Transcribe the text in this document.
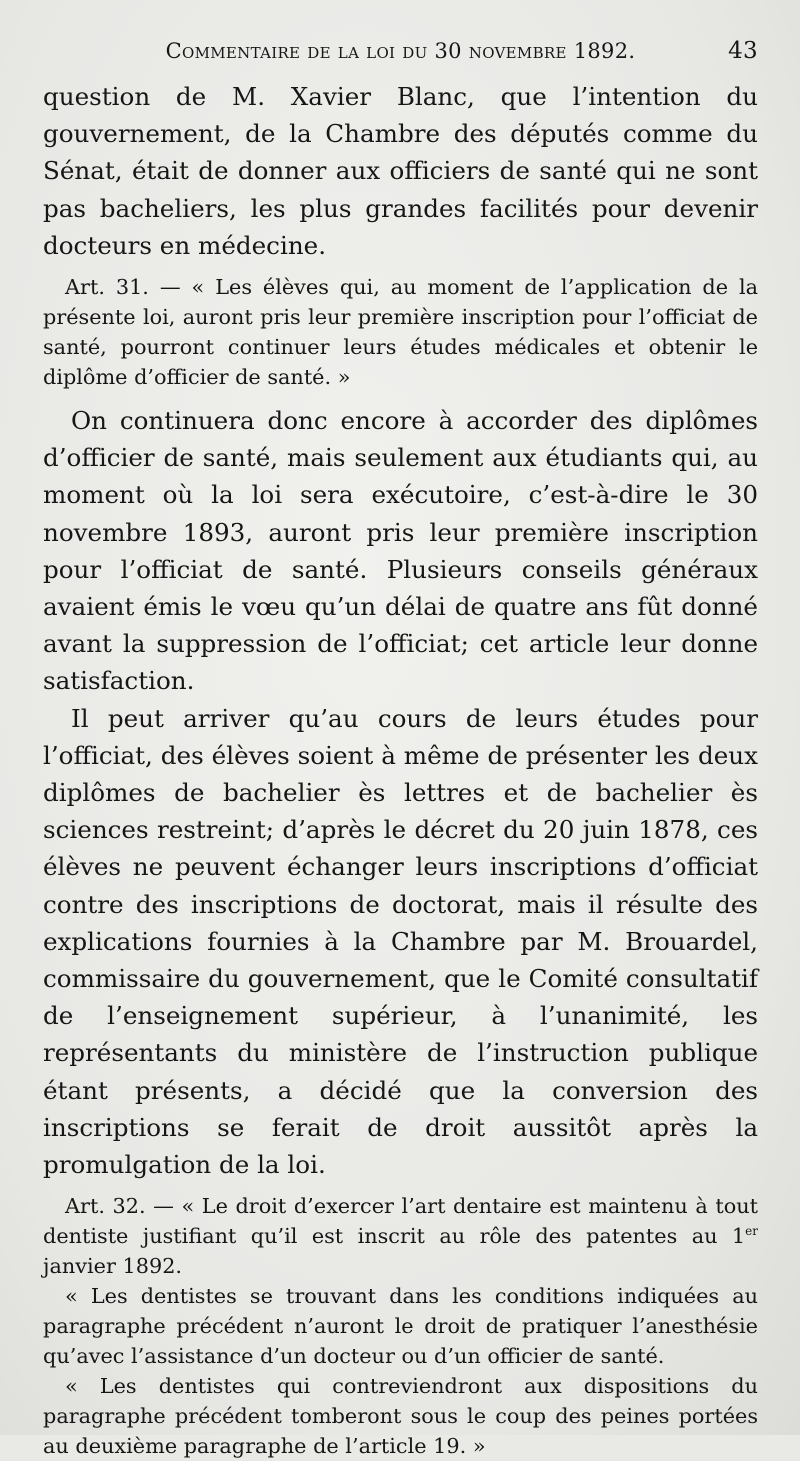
Commentaire de la loi du 30 novembre 1892.	43

question de M. Xavier Blanc, que l’intention du gouvernement, de la Chambre des députés comme du Sénat, était de donner aux officiers de santé qui ne sont pas bacheliers, les plus grandes facilités pour devenir docteurs en médecine.

Art. 31. — « Les élèves qui, au moment de l’application de la présente loi, auront pris leur première inscription pour l’officiat de santé, pourront continuer leurs études médicales et obtenir le diplôme d’officier de santé. »

On continuera donc encore à accorder des diplômes d’officier de santé, mais seulement aux étudiants qui, au moment où la loi sera exécutoire, c’est-à-dire le 30 novembre 1893, auront pris leur première inscription pour l’officiat de santé. Plusieurs conseils généraux avaient émis le vœu qu’un délai de quatre ans fût donné avant la suppression de l’officiat; cet article leur donne satisfaction.

Il peut arriver qu’au cours de leurs études pour l’officiat, des élèves soient à même de présenter les deux diplômes de bachelier ès lettres et de bachelier ès sciences restreint; d’après le décret du 20 juin 1878, ces élèves ne peuvent échanger leurs inscriptions d’officiat contre des inscriptions de doctorat, mais il résulte des explications fournies à la Chambre par M. Brouardel, commissaire du gouvernement, que le Comité consultatif de l’enseignement supérieur, à l’unanimité, les représentants du ministère de l’instruction publique étant présents, a décidé que la conversion des inscriptions se ferait de droit aussitôt après la promulgation de la loi.

Art. 32. — « Le droit d’exercer l’art dentaire est maintenu à tout dentiste justifiant qu’il est inscrit au rôle des patentes au 1er janvier 1892.

« Les dentistes se trouvant dans les conditions indiquées au paragraphe précédent n’auront le droit de pratiquer l’anesthésie qu’avec l’assistance d’un docteur ou d’un officier de santé.

« Les dentistes qui contreviendront aux dispositions du paragraphe précédent tomberont sous le coup des peines portées au deuxième paragraphe de l’article 19. »
